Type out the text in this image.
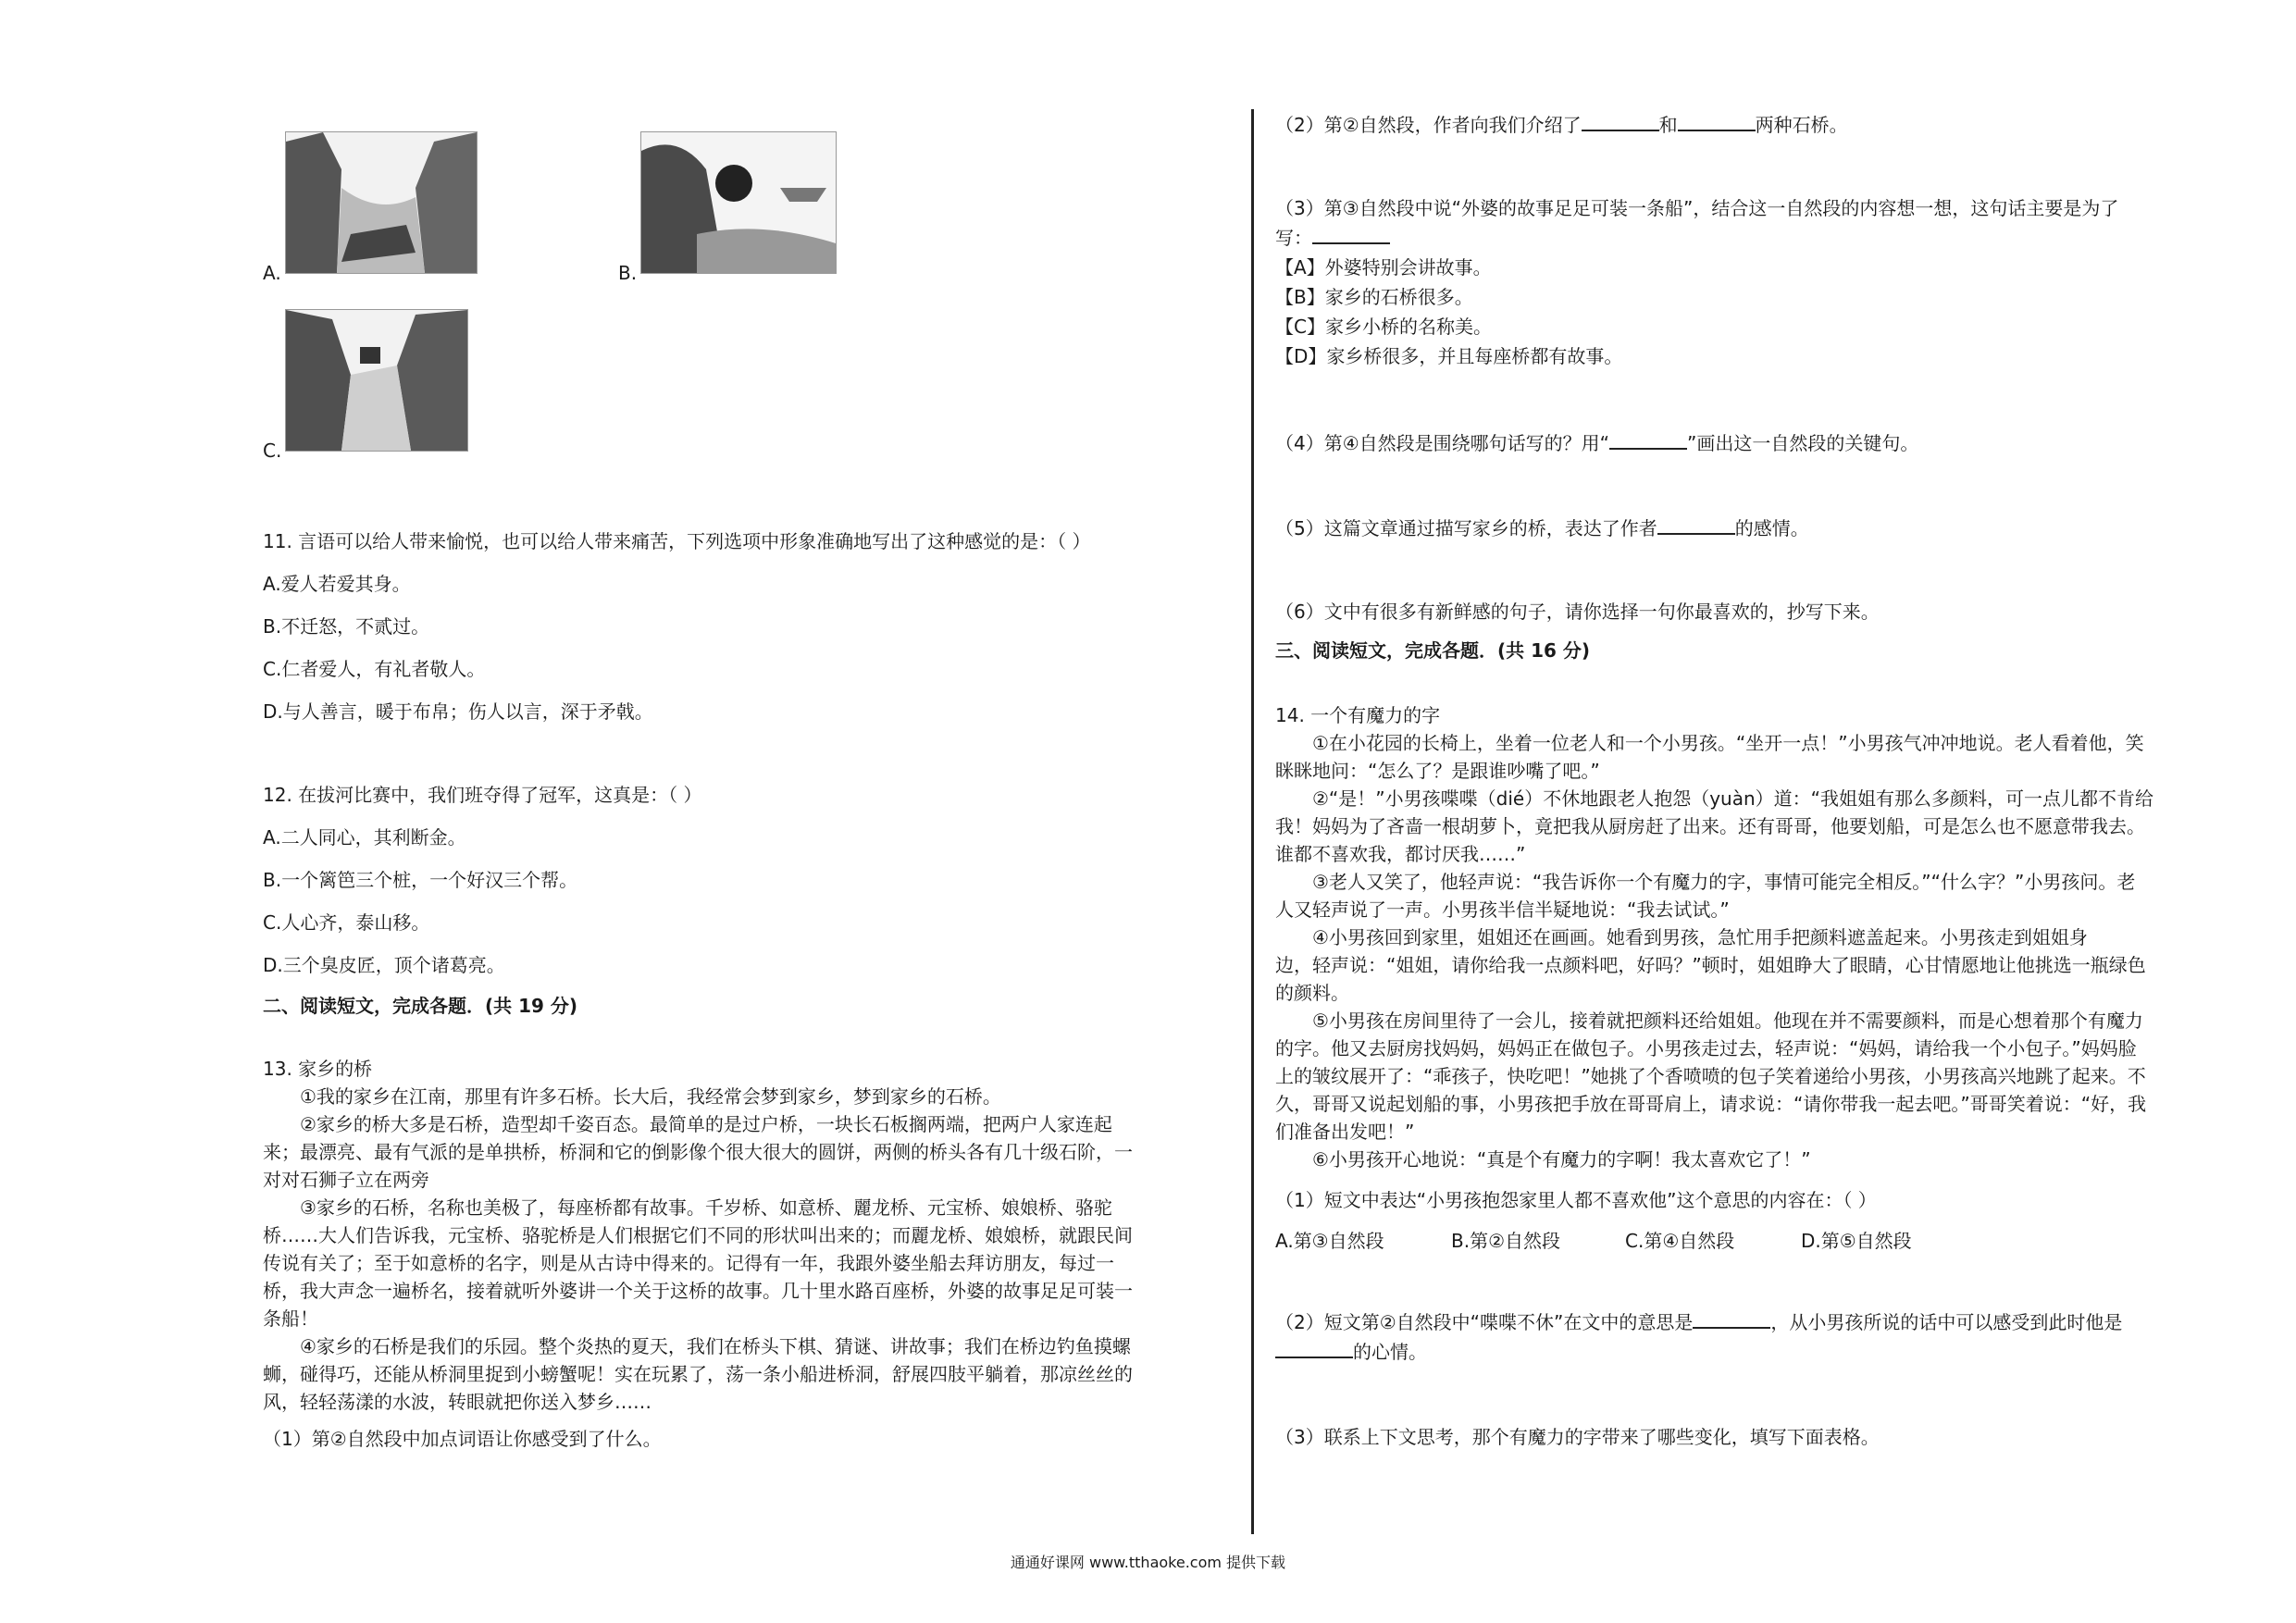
A.	B.
C.
11. 言语可以给人带来愉悦，也可以给人带来痛苦，下列选项中形象准确地写出了这种感觉的是：（ ）
A.爱人若爱其身。
B.不迁怒，不贰过。
C.仁者爱人，有礼者敬人。
D.与人善言，暖于布帛；伤人以言，深于矛戟。
12. 在拔河比赛中，我们班夺得了冠军，这真是：（ ）
A.二人同心，其利断金。
B.一个篱笆三个桩，一个好汉三个帮。
C.人心齐，泰山移。
D.三个臭皮匠，顶个诸葛亮。
二、阅读短文，完成各题．(共 19 分)
13. 家乡的桥
①我的家乡在江南，那里有许多石桥。长大后，我经常会梦到家乡，梦到家乡的石桥。
②家乡的桥大多是石桥，造型却千姿百态。最简单的是过户桥，一块长石板搁两端，把两户人家连起
来；最漂亮、最有气派的是单拱桥，桥洞和它的倒影像个很大很大的圆饼，两侧的桥头各有几十级石阶，一
对对石狮子立在两旁
③家乡的石桥，名称也美极了，每座桥都有故事。千岁桥、如意桥、麗龙桥、元宝桥、娘娘桥、骆驼
桥……大人们告诉我，元宝桥、骆驼桥是人们根据它们不同的形状叫出来的；而麗龙桥、娘娘桥，就跟民间
传说有关了；至于如意桥的名字，则是从古诗中得来的。记得有一年，我跟外婆坐船去拜访朋友，每过一
桥，我大声念一遍桥名，接着就听外婆讲一个关于这桥的故事。几十里水路百座桥，外婆的故事足足可装一
条船！
④家乡的石桥是我们的乐园。整个炎热的夏天，我们在桥头下棋、猜谜、讲故事；我们在桥边钓鱼摸螺
蛳，碰得巧，还能从桥洞里捉到小螃蟹呢！实在玩累了，荡一条小船进桥洞，舒展四肢平躺着，那凉丝丝的
风，轻轻荡漾的水波，转眼就把你送入梦乡……
（1）第②自然段中加点词语让你感受到了什么。
（2）第②自然段，作者向我们介绍了	和	两种石桥。
（3）第③自然段中说“外婆的故事足足可装一条船”，结合这一自然段的内容想一想，这句话主要是为了
写：
【A】外婆特别会讲故事。
【B】家乡的石桥很多。
【C】家乡小桥的名称美。
【D】家乡桥很多，并且每座桥都有故事。
（4）第④自然段是围绕哪句话写的？用“	”画出这一自然段的关键句。
（5）这篇文章通过描写家乡的桥，表达了作者	的感情。
（6）文中有很多有新鲜感的句子，请你选择一句你最喜欢的，抄写下来。
三、阅读短文，完成各题．(共 16 分)
14. 一个有魔力的字
①在小花园的长椅上，坐着一位老人和一个小男孩。“坐开一点！”小男孩气冲冲地说。老人看着他，笑
眯眯地问：“怎么了？是跟谁吵嘴了吧。”
②“是！”小男孩喋喋（dié）不休地跟老人抱怨（yuàn）道：“我姐姐有那么多颜料，可一点儿都不肯给
我！妈妈为了吝啬一根胡萝卜，竟把我从厨房赶了出来。还有哥哥，他要划船，可是怎么也不愿意带我去。
谁都不喜欢我，都讨厌我……”
③老人又笑了，他轻声说：“我告诉你一个有魔力的字，事情可能完全相反。”“什么字？”小男孩问。老
人又轻声说了一声。小男孩半信半疑地说：“我去试试。”
④小男孩回到家里，姐姐还在画画。她看到男孩，急忙用手把颜料遮盖起来。小男孩走到姐姐身
边，轻声说：“姐姐，请你给我一点颜料吧，好吗？”顿时，姐姐睁大了眼睛，心甘情愿地让他挑选一瓶绿色
的颜料。
⑤小男孩在房间里待了一会儿，接着就把颜料还给姐姐。他现在并不需要颜料，而是心想着那个有魔力
的字。他又去厨房找妈妈，妈妈正在做包子。小男孩走过去，轻声说：“妈妈，请给我一个小包子。”妈妈脸
上的皱纹展开了：“乖孩子，快吃吧！”她挑了个香喷喷的包子笑着递给小男孩，小男孩高兴地跳了起来。不
久，哥哥又说起划船的事，小男孩把手放在哥哥肩上，请求说：“请你带我一起去吧。”哥哥笑着说：“好，我
们准备出发吧！”
⑥小男孩开心地说：“真是个有魔力的字啊！我太喜欢它了！”
（1）短文中表达“小男孩抱怨家里人都不喜欢他”这个意思的内容在：（ ）
A.第③自然段	B.第②自然段	C.第④自然段	D.第⑤自然段
（2）短文第②自然段中“喋喋不休”在文中的意思是	，从小男孩所说的话中可以感受到此时他是
的心情。
（3）联系上下文思考，那个有魔力的字带来了哪些变化，填写下面表格。
通通好课网 www.tthaoke.com 提供下载
